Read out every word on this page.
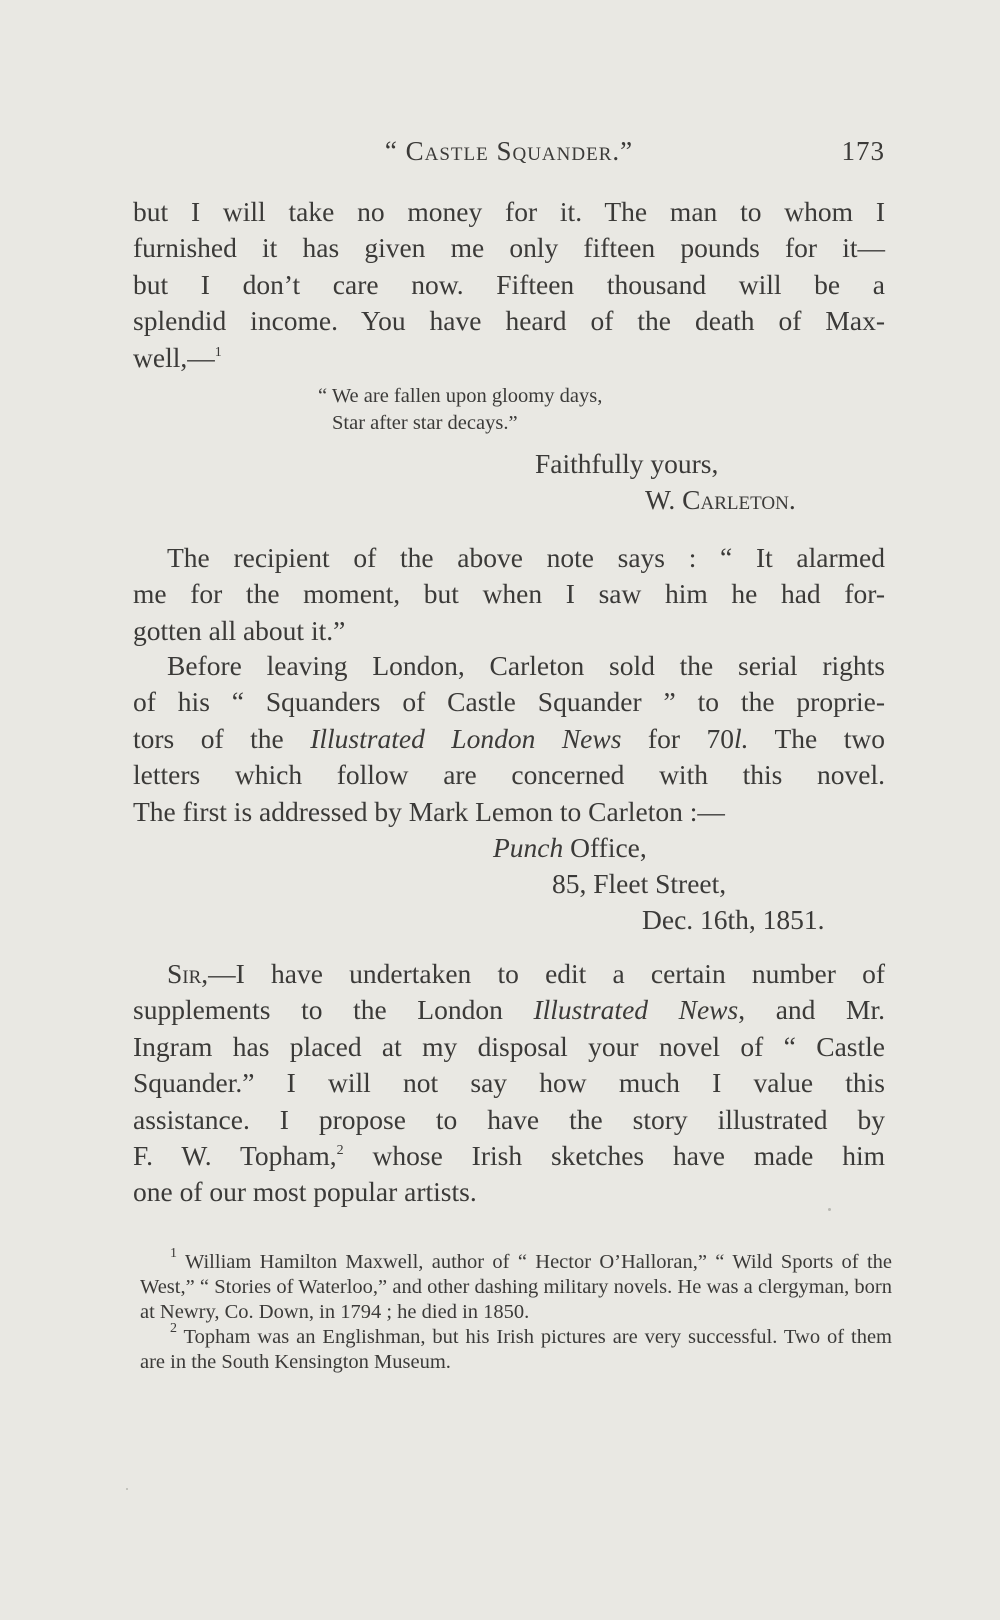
“ Castle Squander.”	173

but I will take no money for it. The man to whom I

furnished it has given me only fifteen pounds for it—

but I don’t care now. Fifteen thousand will be a

splendid income. You have heard of the death of Max-

well,—$^1$

“ We are fallen upon gloomy days,
Star after star decays.”
Faithfully yours,
W. Carleton.

The recipient of the above note says : “ It alarmed

me for the moment, but when I saw him he had for-

gotten all about it.”

Before leaving London, Carleton sold the serial rights

of his “ Squanders of Castle Squander ” to the proprie-

tors of the Illustrated London News for 70l. The two

letters which follow are concerned with this novel.

The first is addressed by Mark Lemon to Carleton :—

Punch Office,
85, Fleet Street,
Dec. 16th, 1851.

Sir,—I have undertaken to edit a certain number of

supplements to the London Illustrated News, and Mr.

Ingram has placed at my disposal your novel of “ Castle

Squander.” I will not say how much I value this

assistance. I propose to have the story illustrated by

F. W. Topham,$^2$ whose Irish sketches have made him

one of our most popular artists.

$^1$ William Hamilton Maxwell, author of “ Hector O’Halloran,” “ Wild Sports of the West,” “ Stories of Waterloo,” and other dashing military novels. He was a clergyman, born at Newry, Co. Down, in 1794 ; he died in 1850.

$^2$ Topham was an Englishman, but his Irish pictures are very successful. Two of them are in the South Kensington Museum.
